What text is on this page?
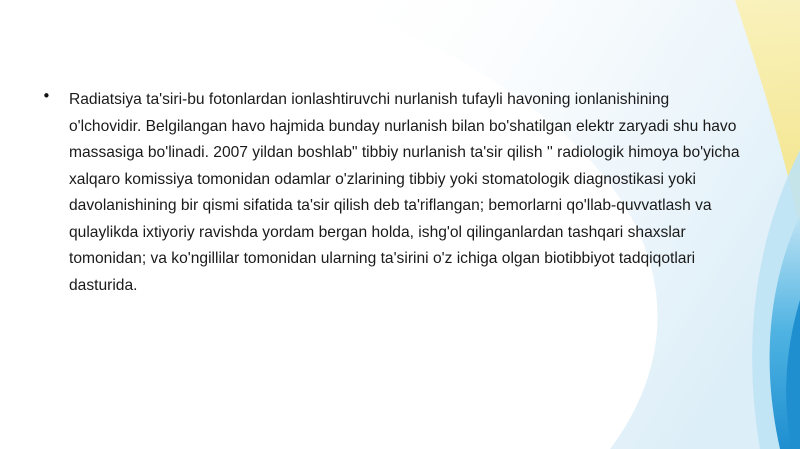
•	Radiatsiya ta'siri-bu fotonlardan ionlashtiruvchi nurlanish tufayli havoning ionlanishining o'lchovidir. Belgilangan havo hajmida bunday nurlanish bilan bo'shatilgan elektr zaryadi shu havo massasiga bo'linadi. 2007 yildan boshlab" tibbiy nurlanish ta'sir qilish '' radiologik himoya bo'yicha xalqaro komissiya tomonidan odamlar o'zlarining tibbiy yoki stomatologik diagnostikasi yoki davolanishining bir qismi sifatida ta'sir qilish deb ta'riflangan; bemorlarni qo'llab-quvvatlash va qulaylikda ixtiyoriy ravishda yordam bergan holda, ishg'ol qilinganlardan tashqari shaxslar tomonidan; va ko'ngillilar tomonidan ularning ta'sirini o'z ichiga olgan biotibbiyot tadqiqotlari dasturida.
